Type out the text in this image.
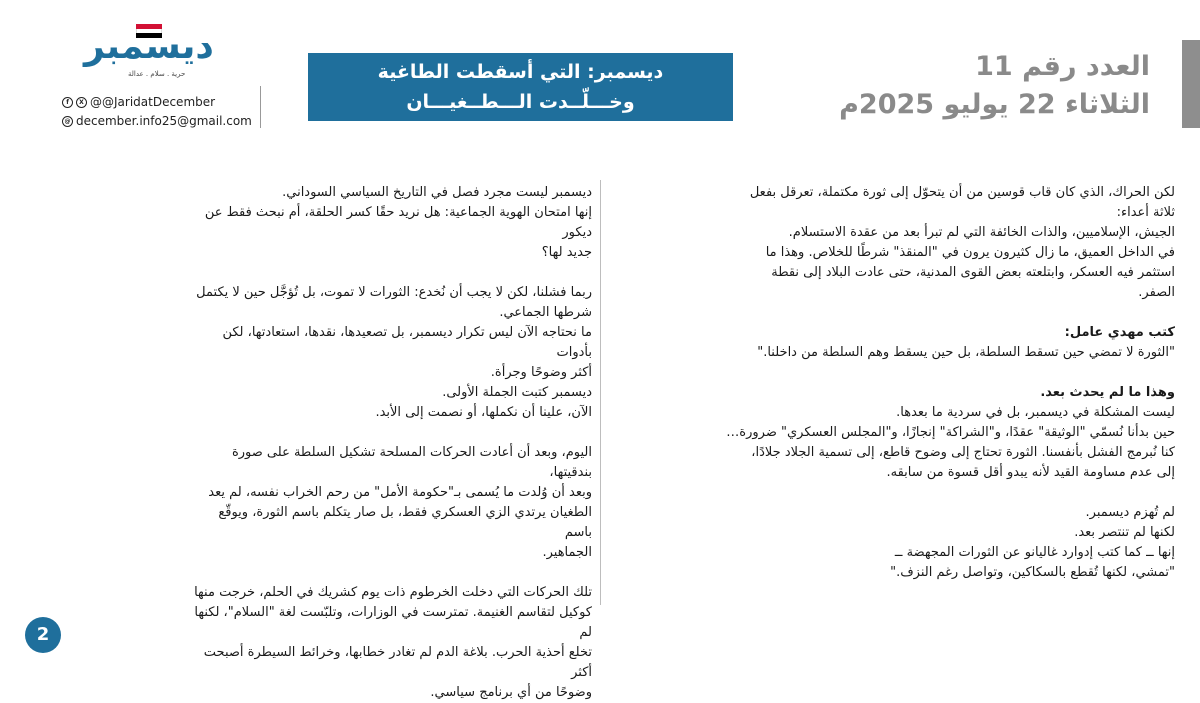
ديسمبر
حرية . سلام . عدالة
f	X @@JaridatDecember
@ december.info25@gmail.com
ديسمبر: التي أسقطت الطاغية
وخـــلّــدت الـــطــغيـــان
العدد رقم 11
الثلاثاء 22 يوليو 2025م
لكن الحراك، الذي كان قاب قوسين من أن يتحوّل إلى ثورة مكتملة، تعرقل بفعل
ثلاثة أعداء:
الجيش، الإسلاميين، والذات الخائفة التي لم تبرأ بعد من عقدة الاستسلام.
في الداخل العميق، ما زال كثيرون يرون في "المنقذ" شرطًا للخلاص. وهذا ما
استثمر فيه العسكر، وابتلعته بعض القوى المدنية، حتى عادت البلاد إلى نقطة
الصفر.
كتب مهدي عامل:
"الثورة لا تمضي حين تسقط السلطة، بل حين يسقط وهم السلطة من داخلنا."
وهذا ما لم يحدث بعد.
ليست المشكلة في ديسمبر، بل في سردية ما بعدها.
حين بدأنا نُسمّي "الوثيقة" عقدًا، و"الشراكة" إنجازًا، و"المجلس العسكري" ضرورة…
كنا نُبرمج الفشل بأنفسنا. الثورة تحتاج إلى وضوح قاطع، إلى تسمية الجلاد جلادًا،
إلى عدم مساومة القيد لأنه يبدو أقل قسوة من سابقه.
لم تُهزم ديسمبر.
لكنها لم تنتصر بعد.
إنها ــ كما كتب إدوارد غاليانو عن الثورات المجهضة ــ
"تمشي، لكنها تُقطع بالسكاكين، وتواصل رغم النزف."
ديسمبر ليست مجرد فصل في التاريخ السياسي السوداني.
إنها امتحان الهوية الجماعية: هل نريد حقًا كسر الحلقة، أم نبحث فقط عن ديكور
جديد لها؟
ربما فشلنا، لكن لا يجب أن نُخدع: الثورات لا تموت، بل تُؤجَّل حين لا يكتمل
شرطها الجماعي.
ما نحتاجه الآن ليس تكرار ديسمبر، بل تصعيدها، نقدها، استعادتها، لكن بأدوات
أكثر وضوحًا وجرأة.
ديسمبر كتبت الجملة الأولى.
الآن، علينا أن نكملها، أو نصمت إلى الأبد.
اليوم، وبعد أن أعادت الحركات المسلحة تشكيل السلطة على صورة بندقيتها،
وبعد أن وُلدت ما يُسمى بـ"حكومة الأمل" من رحم الخراب نفسه، لم يعد
الطغيان يرتدي الزي العسكري فقط، بل صار يتكلم باسم الثورة، ويوقّع باسم
الجماهير.
تلك الحركات التي دخلت الخرطوم ذات يوم كشريك في الحلم، خرجت منها
كوكيل لتقاسم الغنيمة. تمترست في الوزارات، وتلبّست لغة "السلام"، لكنها لم
تخلع أحذية الحرب. بلاغة الدم لم تغادر خطابها، وخرائط السيطرة أصبحت أكثر
وضوحًا من أي برنامج سياسي.
2
